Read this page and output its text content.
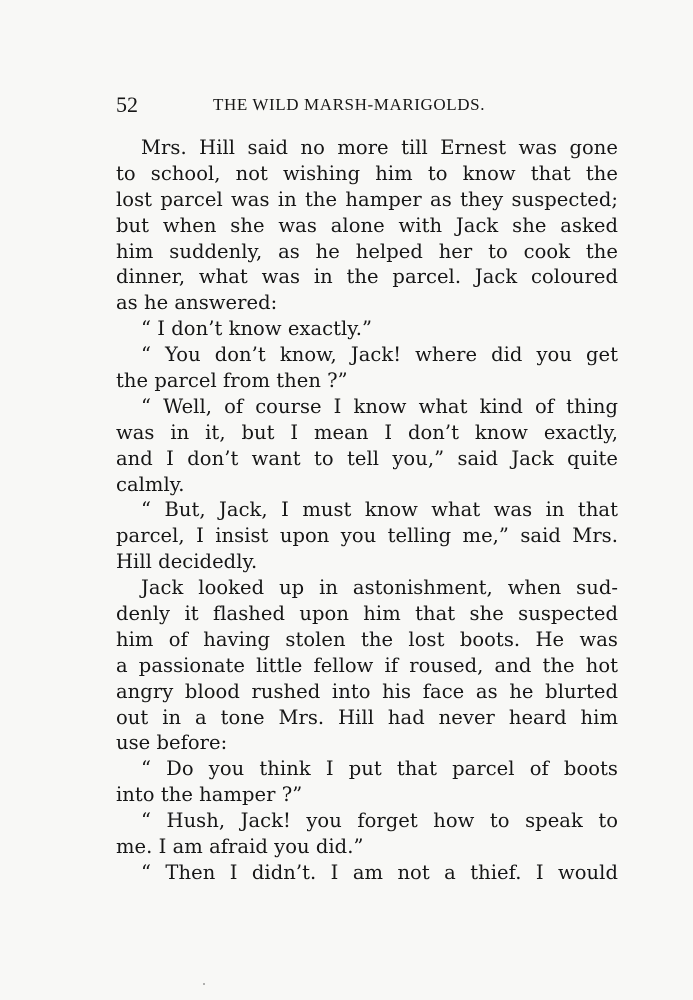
52	THE WILD MARSH-MARIGOLDS.
Mrs. Hill said no more till Ernest was gone
to school, not wishing him to know that the
lost parcel was in the hamper as they suspected;
but when she was alone with Jack she asked
him suddenly, as he helped her to cook the
dinner, what was in the parcel. Jack coloured
as he answered:
“ I don’t know exactly.”
“ You don’t know, Jack! where did you get
the parcel from then ?”
“ Well, of course I know what kind of thing
was in it, but I mean I don’t know exactly,
and I don’t want to tell you,” said Jack quite
calmly.
“ But, Jack, I must know what was in that
parcel, I insist upon you telling me,” said Mrs.
Hill decidedly.
Jack looked up in astonishment, when sud-
denly it flashed upon him that she suspected
him of having stolen the lost boots. He was
a passionate little fellow if roused, and the hot
angry blood rushed into his face as he blurted
out in a tone Mrs. Hill had never heard him
use before:
“ Do you think I put that parcel of boots
into the hamper ?”
“ Hush, Jack! you forget how to speak to
me. I am afraid you did.”
“ Then I didn’t. I am not a thief. I would
